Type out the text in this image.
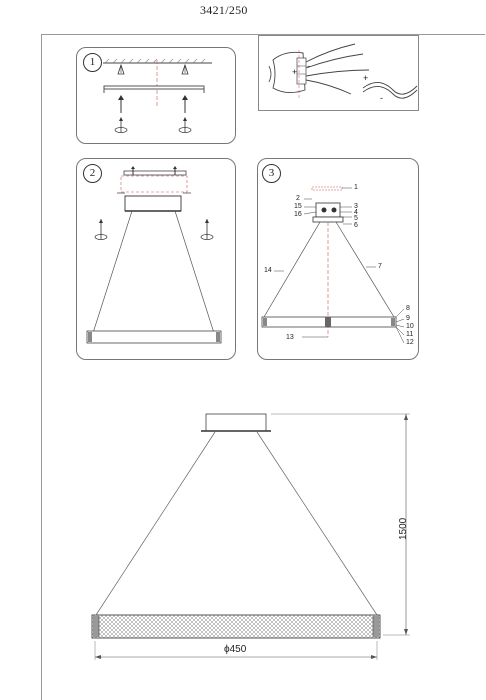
3421/250
1
+
-
+
-
2	3
1
2
3
4
5
6
7
8
9
10
11
12
13
14
15
16
1500
ϕ450
